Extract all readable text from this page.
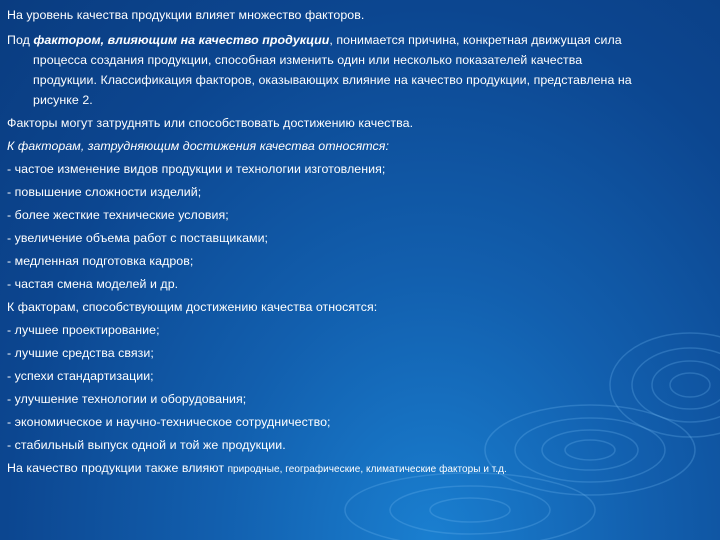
На уровень качества продукции влияет множество факторов.

Под фактором, влияющим на качество продукции, понимается причина, конкретная движущая сила
процесса создания продукции, способная изменить один или несколько показателей качества
продукции. Классификация факторов, оказывающих влияние на качество продукции, представлена на
рисунке 2.

Факторы могут затруднять или способствовать достижению качества.

К факторам, затрудняющим достижения качества относятся:

- частое изменение видов продукции и технологии изготовления;

- повышение сложности изделий;

- более жесткие технические условия;

- увеличение объема работ с поставщиками;

- медленная подготовка кадров;

- частая смена моделей и др.

К факторам, способствующим достижению качества относятся:

- лучшее проектирование;

- лучшие средства связи;

- успехи стандартизации;

- улучшение технологии и оборудования;

- экономическое и научно-техническое сотрудничество;

- стабильный выпуск одной и той же продукции.

На качество продукции также влияют природные, географические, климатические факторы и т.д.
